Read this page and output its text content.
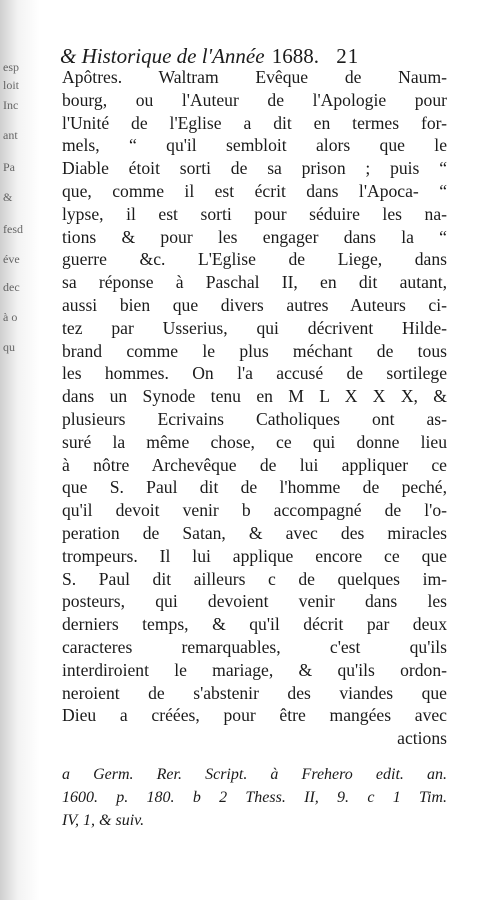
esp
loit
Inc
ant
Pa
&
fesd
éve
dec
à o
qu
& Historique de l'Année 1688. 21
Apôtres. Waltram Evêque de Naum-
bourg, ou l'Auteur de l'Apologie pour
l'Unité de l'Eglise a dit en termes for-
mels, “ qu'il sembloit alors que le
Diable étoit sorti de sa prison ; puis “
que, comme il est écrit dans l'Apoca- “
lypse, il est sorti pour séduire les na-
tions & pour les engager dans la “
guerre &c. L'Eglise de Liege, dans
sa réponse à Paschal II, en dit autant,
aussi bien que divers autres Auteurs ci-
tez par Usserius, qui décrivent Hilde-
brand comme le plus méchant de tous
les hommes. On l'a accusé de sortilege
dans un Synode tenu en M L X X X, &
plusieurs Ecrivains Catholiques ont as-
suré la même chose, ce qui donne lieu
à nôtre Archevêque de lui appliquer ce
que S. Paul dit de l'homme de peché,
qu'il devoit venir b accompagné de l'o-
peration de Satan, & avec des miracles
trompeurs. Il lui applique encore ce que
S. Paul dit ailleurs c de quelques im-
posteurs, qui devoient venir dans les
derniers temps, & qu'il décrit par deux
caracteres remarquables, c'est qu'ils
interdiroient le mariage, & qu'ils ordon-
neroient de s'abstenir des viandes que
Dieu a créées, pour être mangées avec
actions
a Germ. Rer. Script. à Frehero edit. an.
1600. p. 180. b 2 Thess. II, 9. c 1 Tim.
IV, 1, & suiv.
